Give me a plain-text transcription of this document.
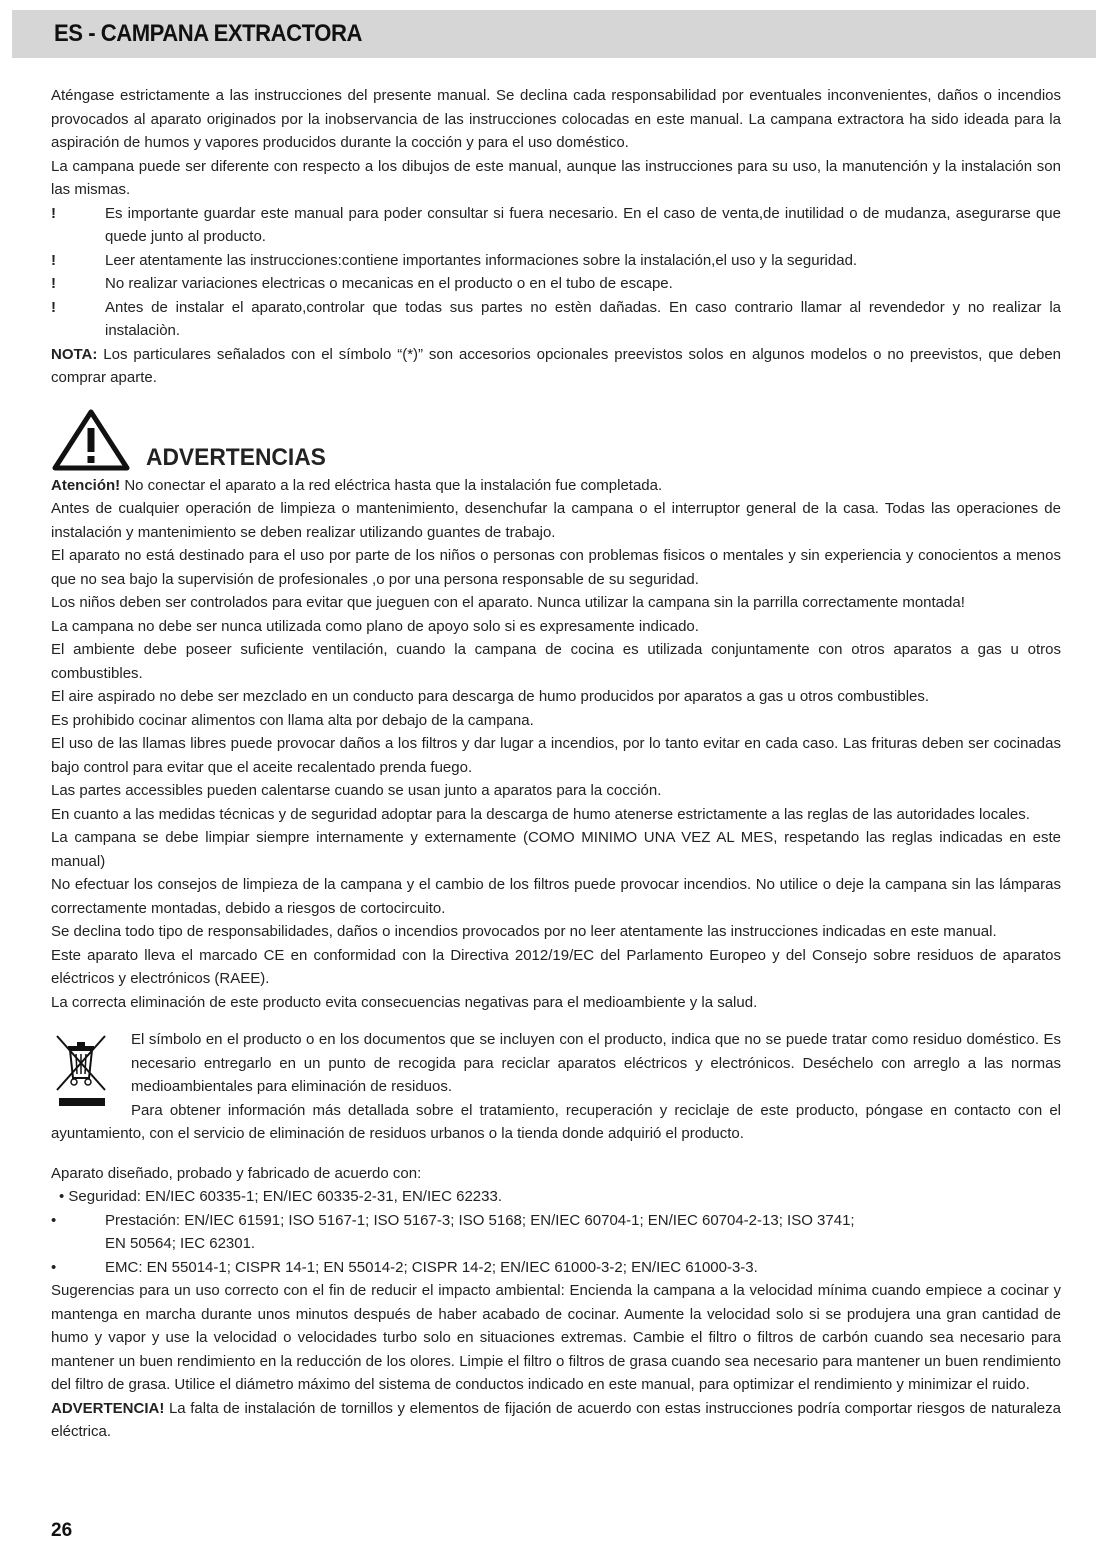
ES - CAMPANA EXTRACTORA

Aténgase estrictamente a las instrucciones del presente manual. Se declina cada responsabilidad por eventuales inconvenientes, daños o incendios provocados al aparato originados por la inobservancia de las instrucciones colocadas en este manual. La campana extractora ha sido ideada para la aspiración de humos y vapores producidos durante la cocción y para el uso doméstico.

La campana puede ser diferente con respecto a los dibujos de este manual, aunque las instrucciones para su uso, la manutención y la instalación son las mismas.

!	Es importante guardar este manual para poder consultar si fuera necesario. En el caso de venta,de inutilidad o de mudanza, asegurarse que quede junto al producto.
!	Leer atentamente las instrucciones:contiene importantes informaciones sobre la instalación,el uso y la seguridad.
!	No realizar variaciones electricas o mecanicas en el producto o en el tubo de escape.
!	Antes de instalar el aparato,controlar que todas sus partes no estèn dañadas. En caso contrario llamar al revendedor y no realizar la instalaciòn.

NOTA: Los particulares señalados con el símbolo “(*)” son accesorios opcionales preevistos solos en algunos modelos o no preevistos, que deben comprar aparte.

ADVERTENCIAS

Atención! No conectar el aparato a la red eléctrica hasta que la instalación fue completada.

Antes de cualquier operación de limpieza o mantenimiento, desenchufar la campana o el interruptor general de la casa. Todas las operaciones de instalación y mantenimiento se deben realizar utilizando guantes de trabajo.

El aparato no está destinado para el uso por parte de los niños o personas con problemas fisicos o mentales y sin experiencia y conocientos a menos que no sea bajo la supervisión de profesionales ,o por una persona responsable de su seguridad.

Los niños deben ser controlados para evitar que jueguen con el aparato. Nunca utilizar la campana sin la parrilla correctamente montada!

La campana no debe ser nunca utilizada como plano de apoyo solo si es expresamente indicado.

El ambiente debe poseer suficiente ventilación, cuando la campana de cocina es utilizada conjuntamente con otros aparatos a gas u otros combustibles.

El aire aspirado no debe ser mezclado en un conducto para descarga de humo producidos por aparatos a gas u otros combustibles.

Es prohibido cocinar alimentos con llama alta por debajo de la campana.

El uso de las llamas libres puede provocar daños a los filtros y dar lugar a incendios, por lo tanto evitar en cada caso. Las frituras deben ser cocinadas bajo control para evitar que el aceite recalentado prenda fuego.

Las partes accessibles pueden calentarse cuando se usan junto a aparatos para la cocción.

En cuanto a las medidas técnicas y de seguridad adoptar para la descarga de humo atenerse estrictamente a las reglas de las autoridades locales.

La campana se debe limpiar siempre internamente y externamente (COMO MINIMO UNA VEZ AL MES, respetando las reglas indicadas en este manual)

No efectuar los consejos de limpieza de la campana y el cambio de los filtros puede provocar incendios. No utilice o deje la campana sin las lámparas correctamente montadas, debido a riesgos de cortocircuito.

Se declina todo tipo de responsabilidades, daños o incendios provocados por no leer atentamente las instrucciones indicadas en este manual.

Este aparato lleva el marcado CE en conformidad con la Directiva 2012/19/EC del Parlamento Europeo y del Consejo sobre residuos de aparatos eléctricos y electrónicos (RAEE).

La correcta eliminación de este producto evita consecuencias negativas para el medioambiente y la salud.

El símbolo en el producto o en los documentos que se incluyen con el producto, indica que no se puede tratar como residuo doméstico. Es necesario entregarlo en un punto de recogida para reciclar aparatos eléctricos y electrónicos. Deséchelo con arreglo a las normas medioambientales para eliminación de residuos.

Para obtener información más detallada sobre el tratamiento, recuperación y reciclaje de este producto, póngase en contacto con el ayuntamiento, con el servicio de eliminación de residuos urbanos o la tienda donde adquirió el producto.

Aparato diseñado, probado y fabricado de acuerdo con:

• Seguridad: EN/IEC 60335-1; EN/IEC 60335-2-31, EN/IEC 62233.

•	Prestación: EN/IEC 61591; ISO 5167-1; ISO 5167-3; ISO 5168; EN/IEC 60704-1; EN/IEC 60704-2-13; ISO 3741;

EN 50564; IEC 62301.

•	EMC: EN 55014-1; CISPR 14-1; EN 55014-2; CISPR 14-2; EN/IEC 61000-3-2; EN/IEC 61000-3-3.

Sugerencias para un uso correcto con el fin de reducir el impacto ambiental: Encienda la campana a la velocidad mínima cuando empiece a cocinar y mantenga en marcha durante unos minutos después de haber acabado de cocinar. Aumente la velocidad solo si se produjera una gran cantidad de humo y vapor y use la velocidad o velocidades turbo solo en situaciones extremas. Cambie el filtro o filtros de carbón cuando sea necesario para mantener un buen rendimiento en la reducción de los olores. Limpie el filtro o filtros de grasa cuando sea necesario para mantener un buen rendimiento del filtro de grasa. Utilice el diámetro máximo del sistema de conductos indicado en este manual, para optimizar el rendimiento y minimizar el ruido.

ADVERTENCIA! La falta de instalación de tornillos y elementos de fijación de acuerdo con estas instrucciones podría comportar riesgos de naturaleza eléctrica.

26
